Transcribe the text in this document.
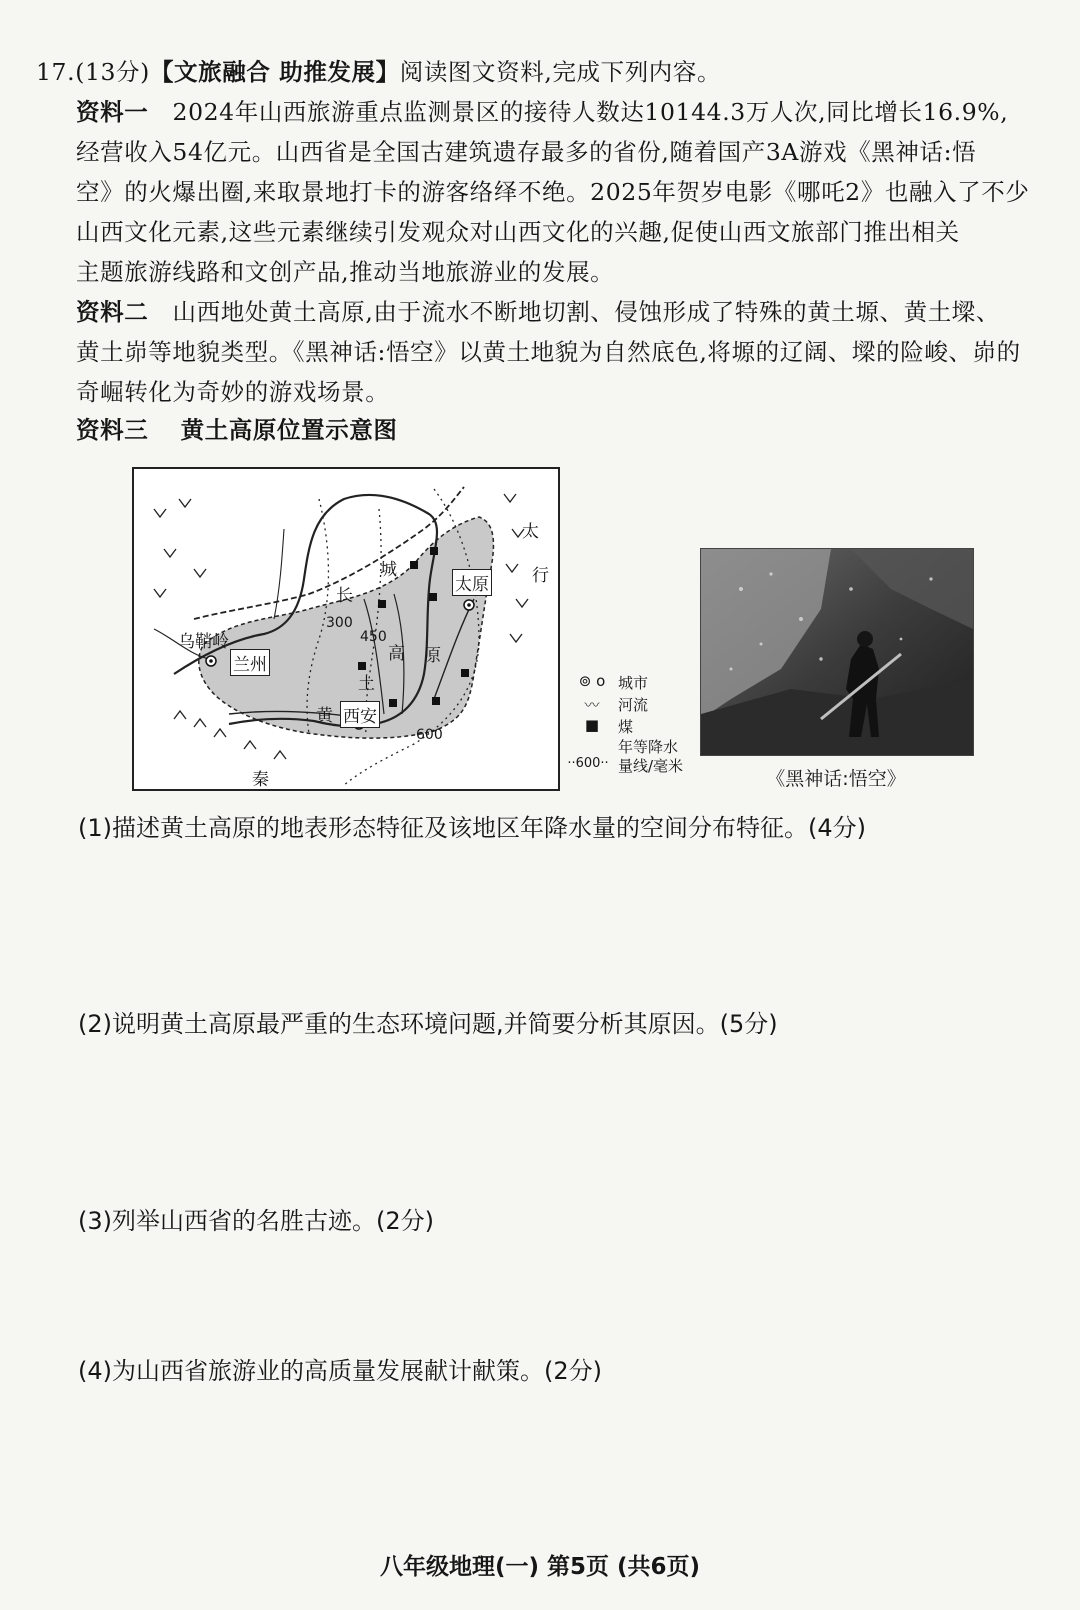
17.(13分)【文旅融合 助推发展】阅读图文资料,完成下列内容。
资料一 2024年山西旅游重点监测景区的接待人数达10144.3万人次,同比增长16.9%,
经营收入54亿元。山西省是全国古建筑遗存最多的省份,随着国产3A游戏《黑神话:悟
空》的火爆出圈,来取景地打卡的游客络绎不绝。2025年贺岁电影《哪吒2》也融入了不少
山西文化元素,这些元素继续引发观众对山西文化的兴趣,促使山西文旅部门推出相关
主题旅游线路和文创产品,推动当地旅游业的发展。
资料二 山西地处黄土高原,由于流水不断地切割、侵蚀形成了特殊的黄土塬、黄土墚、
黄土峁等地貌类型。《黑神话:悟空》以黄土地貌为自然底色,将塬的辽阔、墚的险峻、峁的
奇崛转化为奇妙的游戏场景。
资料三 黄土高原位置示意图
太原
兰州
西安
乌鞘岭
长
城
高 原
土
黄
太
行
秦
300
450
600
⊚ o 城市
〰	河流
■	煤
··600··
年等降水量线/毫米
《黑神话:悟空》
(1)描述黄土高原的地表形态特征及该地区年降水量的空间分布特征。(4分)
(2)说明黄土高原最严重的生态环境问题,并简要分析其原因。(5分)
(3)列举山西省的名胜古迹。(2分)
(4)为山西省旅游业的高质量发展献计献策。(2分)
八年级地理(一) 第5页 (共6页)
